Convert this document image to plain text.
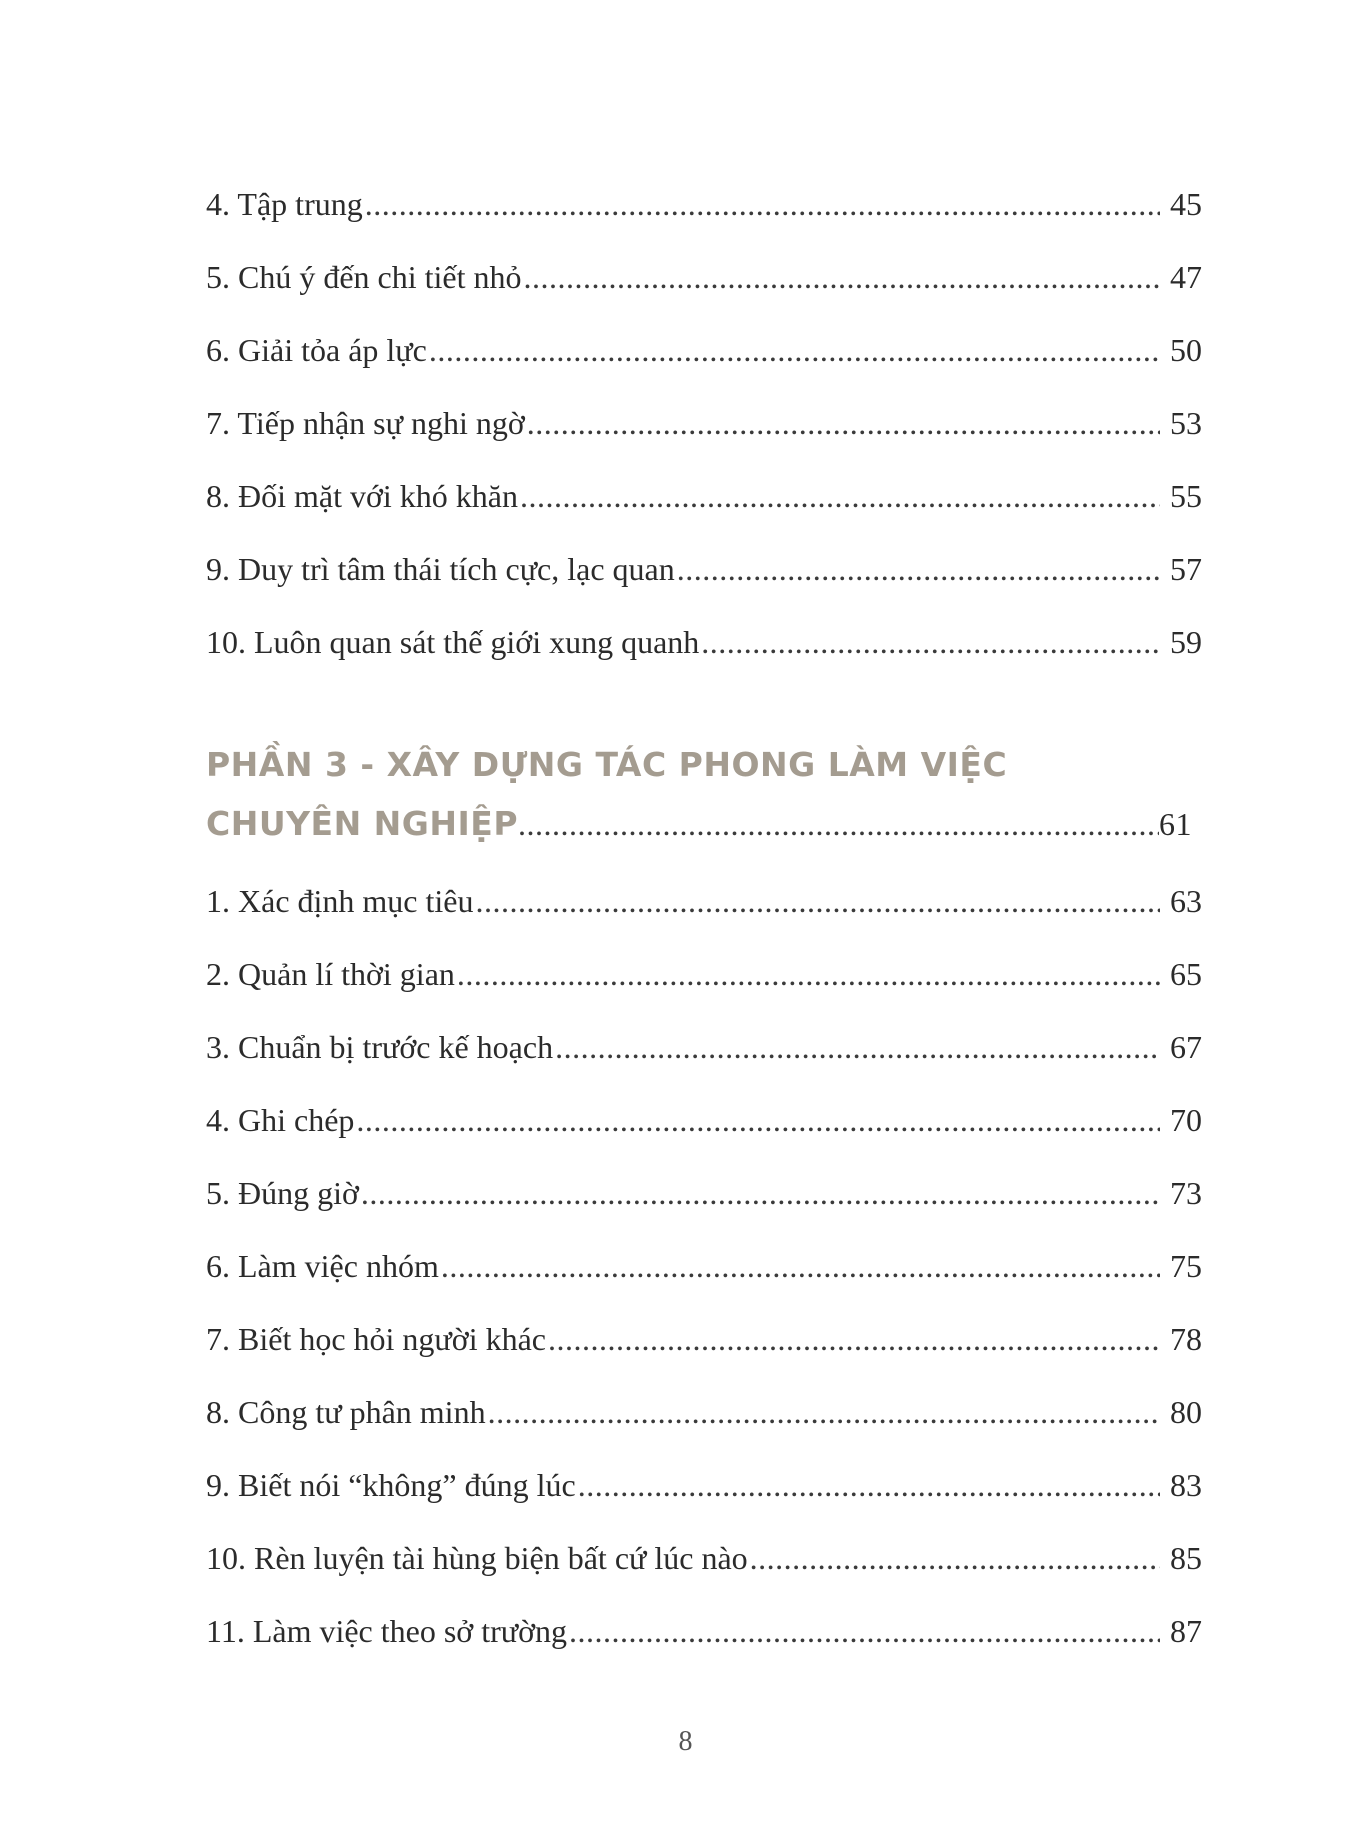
4. Tập trung .....	45
5. Chú ý đến chi tiết nhỏ .....	47
6. Giải tỏa áp lực .....	50
7. Tiếp nhận sự nghi ngờ .....	53
8. Đối mặt với khó khăn .....	55
9. Duy trì tâm thái tích cực, lạc quan .....	57
10. Luôn quan sát thế giới xung quanh .....	59
PHẦN 3 - XÂY DỰNG TÁC PHONG LÀM VIỆC
CHUYÊN NGHIỆP .....	61
1. Xác định mục tiêu .....	63
2. Quản lí thời gian .....	65
3. Chuẩn bị trước kế hoạch .....	67
4. Ghi chép .....	70
5. Đúng giờ .....	73
6. Làm việc nhóm .....	75
7. Biết học hỏi người khác .....	78
8. Công tư phân minh .....	80
9. Biết nói “không” đúng lúc .....	83
10. Rèn luyện tài hùng biện bất cứ lúc nào .....	85
11. Làm việc theo sở trường .....	87
8
